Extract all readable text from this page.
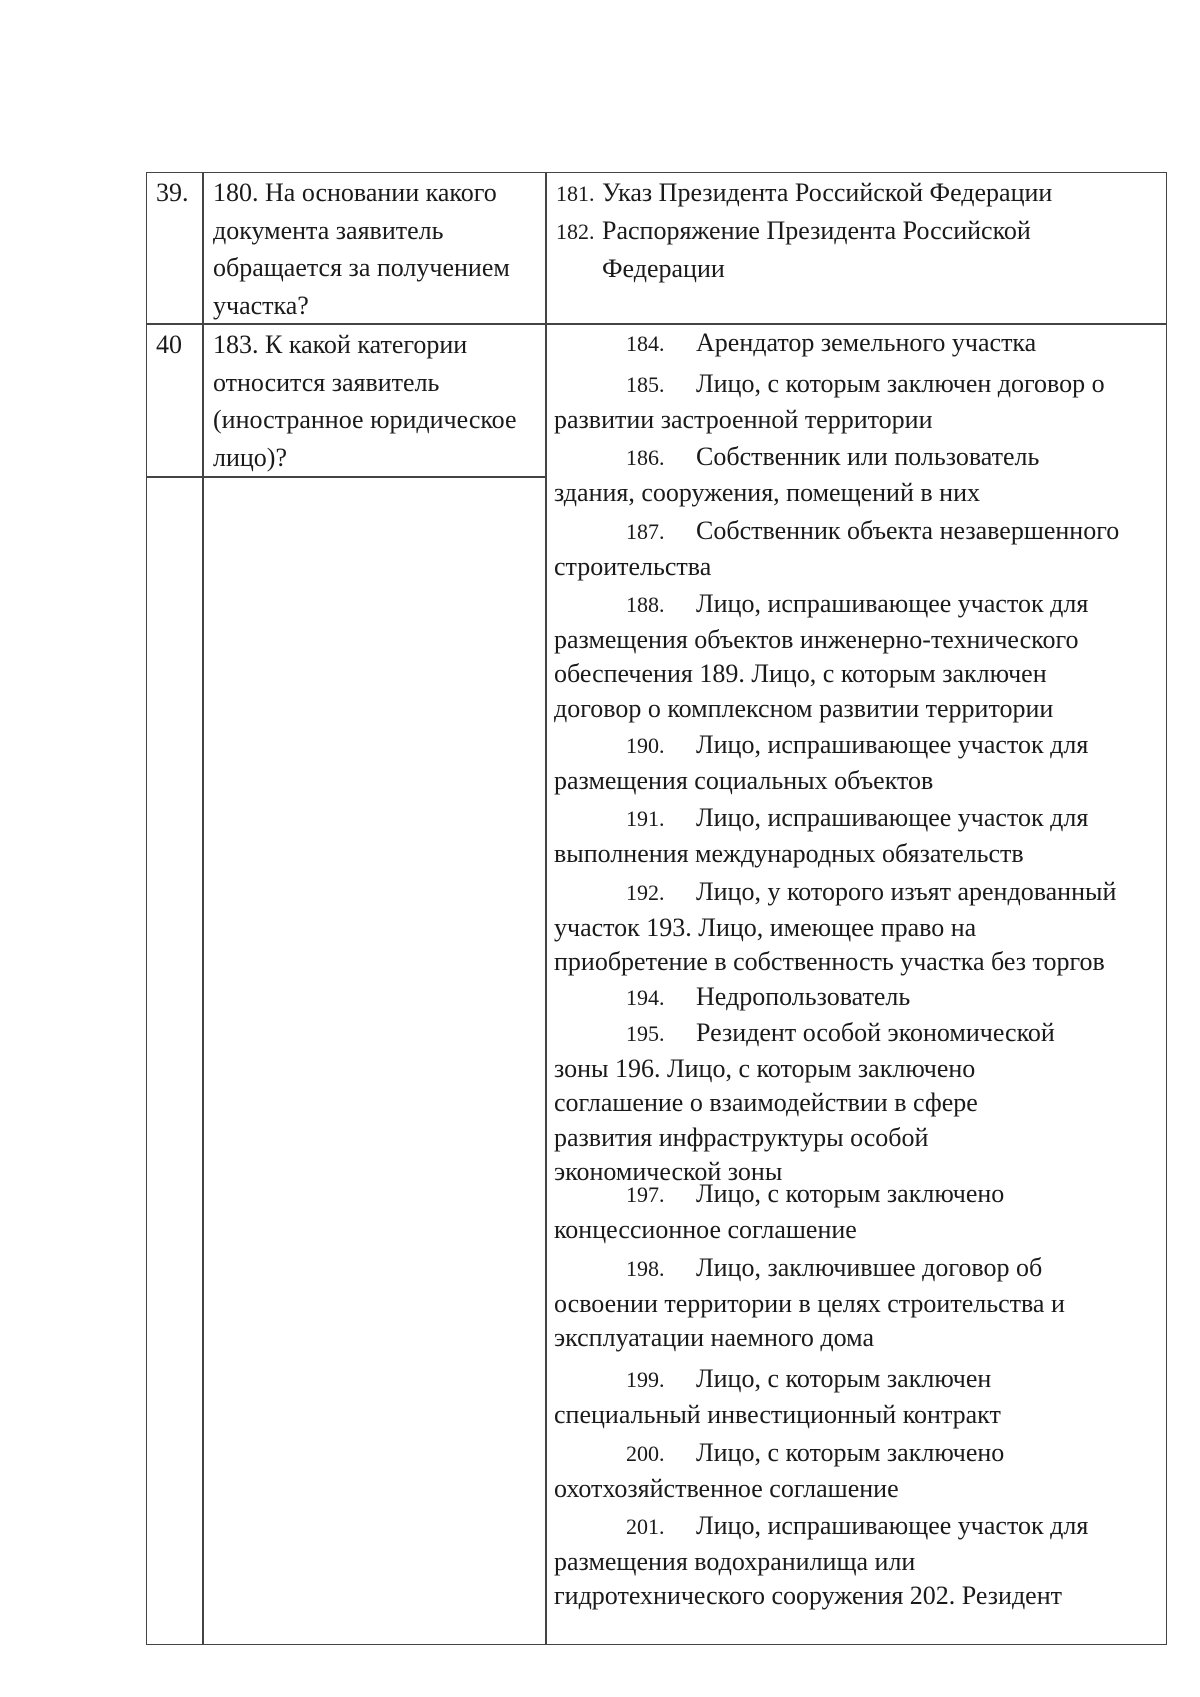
39. 180. На основании какого документа заявитель обращается за получением участка?
181. Указ Президента Российской Федерации
182. Распоряжение Президента Российской
Федерации
40 183. К какой категории относится заявитель (иностранное юридическое лицо)?
184. Арендатор земельного участка
185. Лицо, с которым заключен договор о
развитии застроенной территории
186. Собственник или пользователь
здания, сооружения, помещений в них
187. Собственник объекта незавершенного
строительства
188. Лицо, испрашивающее участок для
размещения объектов инженерно-технического
обеспечения 189. Лицо, с которым заключен
договор о комплексном развитии территории
190. Лицо, испрашивающее участок для
размещения социальных объектов
191. Лицо, испрашивающее участок для
выполнения международных обязательств
192. Лицо, у которого изъят арендованный
участок 193. Лицо, имеющее право на
приобретение в собственность участка без торгов
194. Недропользователь
195. Резидент особой экономической
зоны 196. Лицо, с которым заключено
соглашение о взаимодействии в сфере
развития инфраструктуры особой
экономической зоны
197. Лицо, с которым заключено
концессионное соглашение
198. Лицо, заключившее договор об
освоении территории в целях строительства и
эксплуатации наемного дома
199. Лицо, с которым заключен
специальный инвестиционный контракт
200. Лицо, с которым заключено
охотхозяйственное соглашение
201. Лицо, испрашивающее участок для
размещения водохранилища или
гидротехнического сооружения 202. Резидент
